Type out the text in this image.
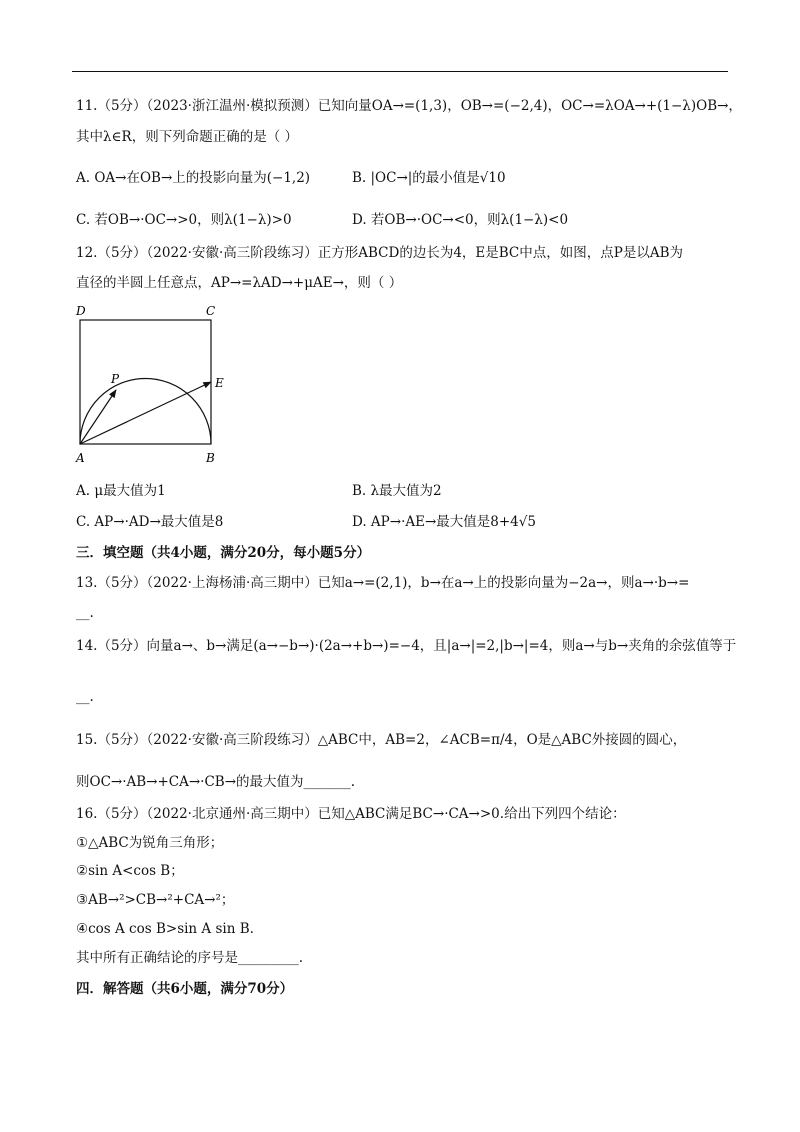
11.（5分）（2023·浙江温州·模拟预测）已知向量OA→=(1,3)，OB→=(−2,4)，OC→=λOA→+(1−λ)OB→，
其中λ∈R，则下列命题正确的是（ ）
A. OA→在OB→上的投影向量为(−1,2)	B. |OC→|的最小值是√10
C. 若OB→·OC→>0，则λ(1−λ)>0	D. 若OB→·OC→<0，则λ(1−λ)<0
12.（5分）（2022·安徽·高三阶段练习）正方形ABCD的边长为4，E是BC中点，如图，点P是以AB为
直径的半圆上任意点，AP→=λAD→+μAE→，则（ ）
D	C
P	E
A	B
A. μ最大值为1	B. λ最大值为2
C. AP→·AD→最大值是8	D. AP→·AE→最大值是8+4√5
三．填空题（共4小题，满分20分，每小题5分）
13.（5分）（2022·上海杨浦·高三期中）已知a→=(2,1)，b→在a→上的投影向量为−2a→，则a→·b→=
__.
14.（5分）向量a→、b→满足(a→−b→)·(2a→+b→)=−4，且|a→|=2,|b→|=4，则a→与b→夹角的余弦值等于
__.
15.（5分）（2022·安徽·高三阶段练习）△ABC中，AB=2，∠ACB=π/4，O是△ABC外接圆的圆心，
则OC→·AB→+CA→·CB→的最大值为_______.
16.（5分）（2022·北京通州·高三期中）已知△ABC满足BC→·CA→>0.给出下列四个结论：
①△ABC为锐角三角形；
②sin A<cos B；
③AB→²>CB→²+CA→²；
④cos A cos B>sin A sin B.
其中所有正确结论的序号是_________.
四．解答题（共6小题，满分70分）
